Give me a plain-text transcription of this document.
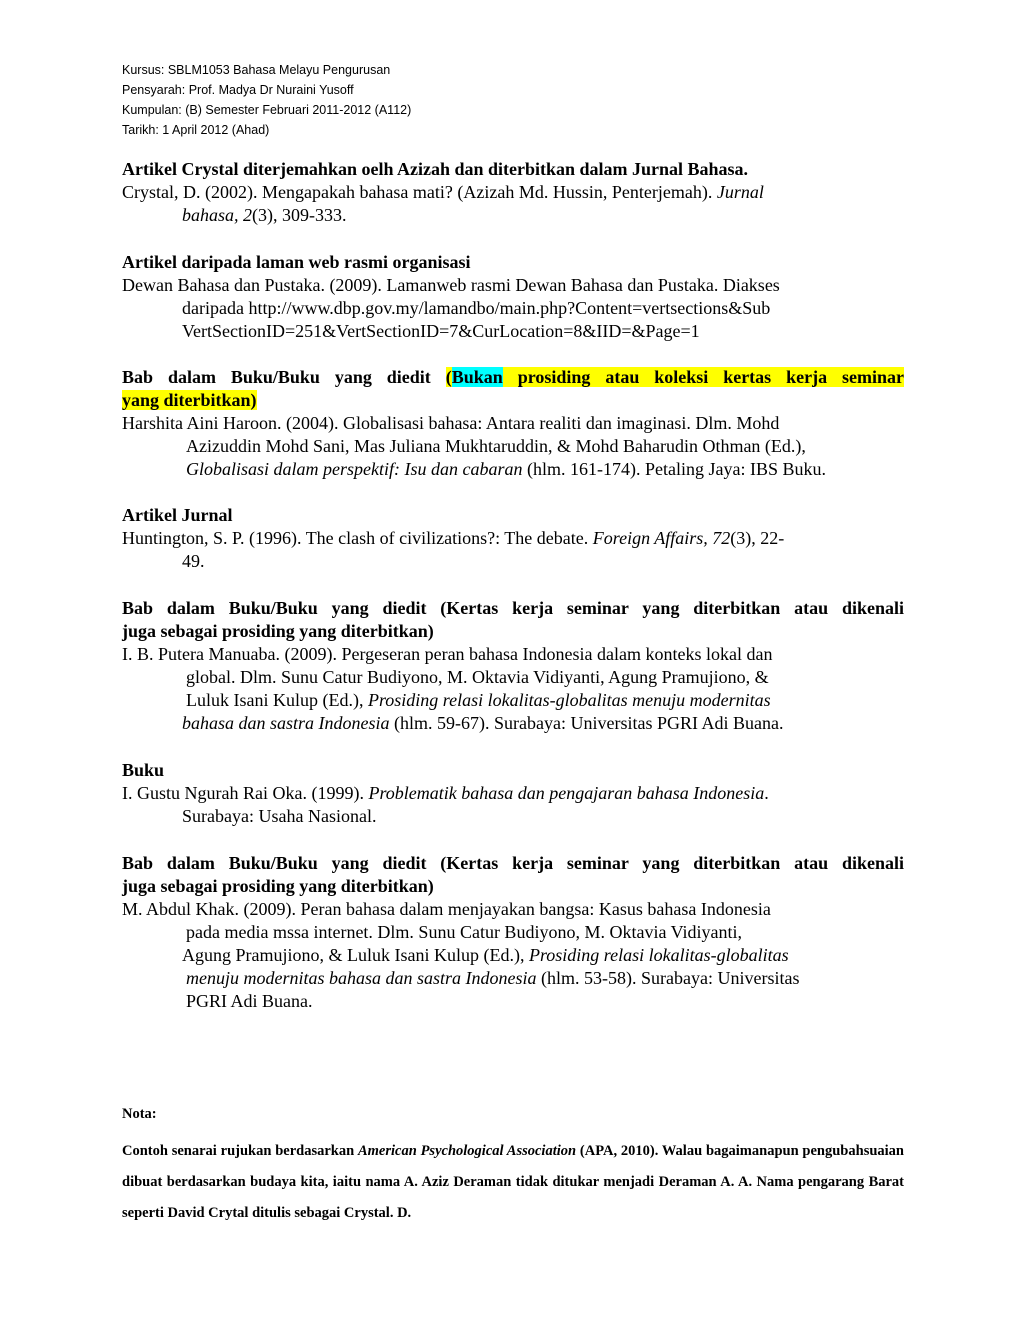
Kursus: SBLM1053 Bahasa Melayu Pengurusan
Pensyarah: Prof. Madya Dr Nuraini Yusoff
Kumpulan: (B) Semester Februari 2011-2012 (A112)
Tarikh: 1 April 2012 (Ahad)

Artikel Crystal diterjemahkan oelh Azizah dan diterbitkan dalam Jurnal Bahasa.

Crystal, D. (2002). Mengapakah bahasa mati? (Azizah Md. Hussin, Penterjemah). Jurnal
bahasa, 2(3), 309-333.

Artikel daripada laman web rasmi organisasi

Dewan Bahasa dan Pustaka. (2009). Lamanweb rasmi Dewan Bahasa dan Pustaka. Diakses
daripada http://www.dbp.gov.my/lamandbo/main.php?Content=vertsections&Sub
VertSectionID=251&VertSectionID=7&CurLocation=8&IID=&Page=1

Bab dalam Buku/Buku yang diedit (Bukan prosiding atau koleksi kertas kerja seminar

yang diterbitkan)

Harshita Aini Haroon. (2004). Globalisasi bahasa: Antara realiti dan imaginasi. Dlm. Mohd
Azizuddin Mohd Sani, Mas Juliana Mukhtaruddin, & Mohd Baharudin Othman (Ed.),
Globalisasi dalam perspektif: Isu dan cabaran (hlm. 161-174). Petaling Jaya: IBS Buku.

Artikel Jurnal

Huntington, S. P. (1996). The clash of civilizations?: The debate. Foreign Affairs, 72(3), 22-
49.

Bab dalam Buku/Buku yang diedit (Kertas kerja seminar yang diterbitkan atau dikenali

juga sebagai prosiding yang diterbitkan)

I. B. Putera Manuaba. (2009). Pergeseran peran bahasa Indonesia dalam konteks lokal dan
global. Dlm. Sunu Catur Budiyono, M. Oktavia Vidiyanti, Agung Pramujiono, &
Luluk Isani Kulup (Ed.), Prosiding relasi lokalitas-globalitas menuju modernitas
bahasa dan sastra Indonesia (hlm. 59-67). Surabaya: Universitas PGRI Adi Buana.

Buku

I. Gustu Ngurah Rai Oka. (1999). Problematik bahasa dan pengajaran bahasa Indonesia.
Surabaya: Usaha Nasional.

Bab dalam Buku/Buku yang diedit (Kertas kerja seminar yang diterbitkan atau dikenali

juga sebagai prosiding yang diterbitkan)

M. Abdul Khak. (2009). Peran bahasa dalam menjayakan bangsa: Kasus bahasa Indonesia
pada media mssa internet. Dlm. Sunu Catur Budiyono, M. Oktavia Vidiyanti,
Agung Pramujiono, & Luluk Isani Kulup (Ed.), Prosiding relasi lokalitas-globalitas
menuju modernitas bahasa dan sastra Indonesia (hlm. 53-58). Surabaya: Universitas
PGRI Adi Buana.

Nota:

Contoh senarai rujukan berdasarkan American Psychological Association (APA, 2010). Walau bagaimanapun pengubahsuaian dibuat berdasarkan budaya kita, iaitu nama A. Aziz Deraman tidak ditukar menjadi Deraman A. A. Nama pengarang Barat seperti David Crytal ditulis sebagai Crystal. D.
